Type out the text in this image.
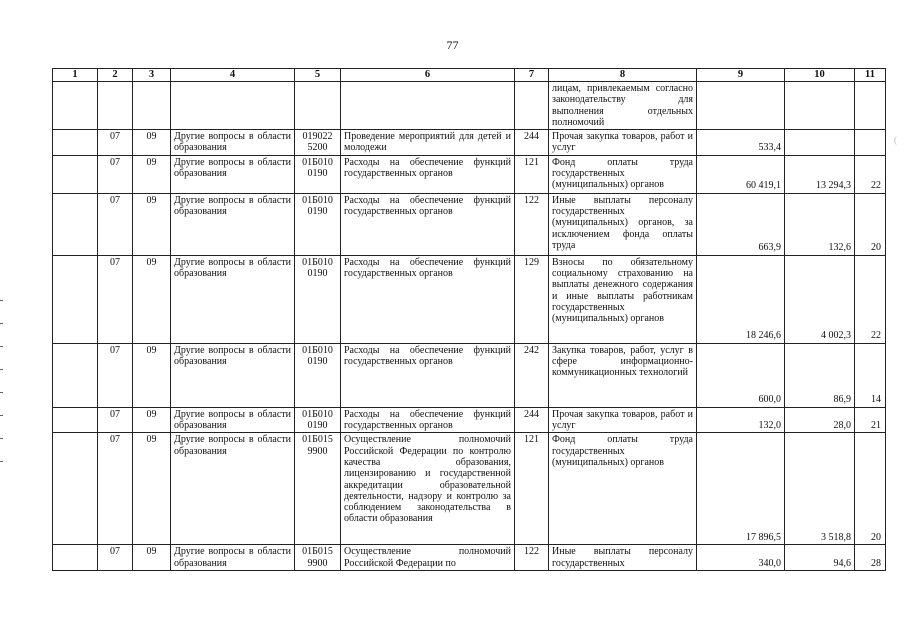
77
1	2	3	4	5	6	7	8	9	10	11
							лицам, привлекаемым согласно законодательству для выполнения отдельных полномочий			
	07	09	Другие вопросы в области образования	019022 5200	Проведение мероприятий для детей и молодежи	244	Прочая закупка товаров, работ и услуг	533,4		
	07	09	Другие вопросы в области образования	01Б010 0190	Расходы на обеспечение функций государственных органов	121	Фонд оплаты труда государственных (муниципальных) органов	60 419,1	13 294,3	22
	07	09	Другие вопросы в области образования	01Б010 0190	Расходы на обеспечение функций государственных органов	122	Иные выплаты персоналу государственных (муниципальных) органов, за исключением фонда оплаты труда	663,9	132,6	20
	07	09	Другие вопросы в области образования	01Б010 0190	Расходы на обеспечение функций государственных органов	129	Взносы по обязательному социальному страхованию на выплаты денежного содержания и иные выплаты работникам государственных (муниципальных) органов	18 246,6	4 002,3	22
	07	09	Другие вопросы в области образования	01Б010 0190	Расходы на обеспечение функций государственных органов	242	Закупка товаров, работ, услуг в сфере информационно-коммуникационных технологий	600,0	86,9	14
	07	09	Другие вопросы в области образования	01Б010 0190	Расходы на обеспечение функций государственных органов	244	Прочая закупка товаров, работ и услуг	132,0	28,0	21
	07	09	Другие вопросы в области образования	01Б015 9900	Осуществление полномочий Российской Федерации по контролю качества образования, лицензированию и государственной аккредитации образовательной деятельности, надзору и контролю за соблюдением законодательства в области образования	121	Фонд оплаты труда государственных (муниципальных) органов	17 896,5	3 518,8	20
	07	09	Другие вопросы в области образования	01Б015 9900	Осуществление полномочий Российской Федерации по	122	Иные выплаты персоналу государственных	340,0	94,6	28
(
